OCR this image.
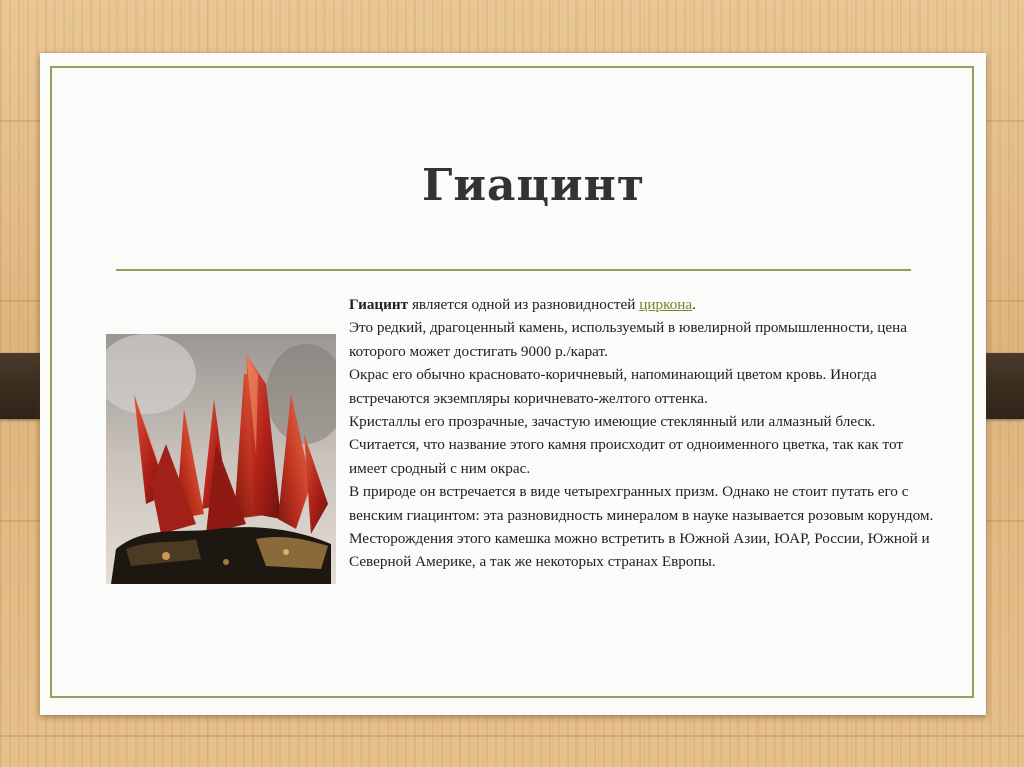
Гиацинт

Гиацинт является одной из разновидностей циркона.

Это редкий, драгоценный камень, используемый в ювелирной промышленности, цена

которого может достигать 9000 р./карат.

Окрас его обычно красновато-коричневый, напоминающий цветом кровь. Иногда

встречаются экземпляры коричневато-желтого оттенка.

Кристаллы его прозрачные, зачастую имеющие стеклянный или алмазный блеск.

Считается, что название этого камня происходит от одноименного цветка, так как тот

имеет сродный с ним окрас.

В природе он встречается в виде четырехгранных призм. Однако не стоит путать его с

венским гиацинтом: эта разновидность минералом в науке называется розовым корундом.

Месторождения этого камешка можно встретить в Южной Азии, ЮАР, России, Южной и

Северной Америке, а так же некоторых странах Европы.
